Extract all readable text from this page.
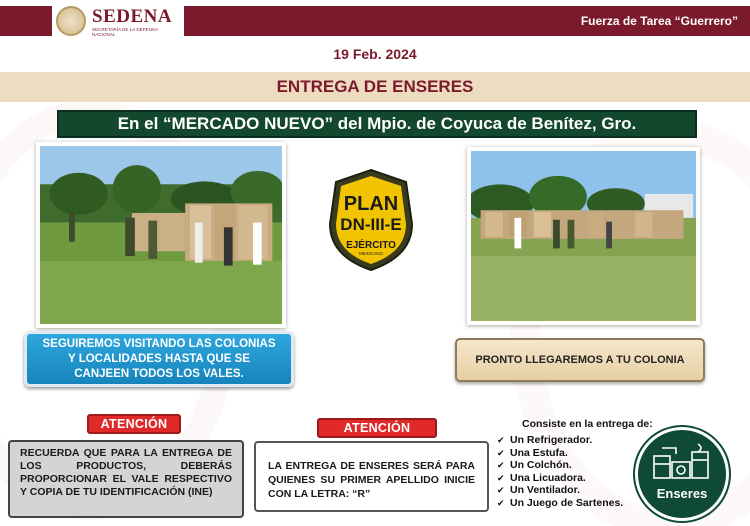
SEDENA
SECRETARÍA DE LA DEFENSA NACIONAL
Fuerza de Tarea “Guerrero”
19 Feb. 2024
ENTREGA DE ENSERES
En el “MERCADO NUEVO” del Mpio. de Coyuca de Benítez, Gro.
PLAN
DN-III-E
EJÉRCITO
MEXICANO
SEGUIREMOS VISITANDO LAS COLONIAS Y LOCALIDADES HASTA QUE SE CANJEEN TODOS LOS VALES.
PRONTO LLEGAREMOS A TU COLONIA
ATENCIÓN
RECUERDA QUE PARA LA ENTREGA DE LOS PRODUCTOS, DEBERÁS PROPORCIONAR EL VALE RESPECTIVO Y COPIA DE TU IDENTIFICACIÓN (INE)
ATENCIÓN
LA ENTREGA DE ENSERES SERÁ PARA QUIENES SU PRIMER APELLIDO INICIE CON LA LETRA: “R”
Consiste en la entrega de:
✔ Un Refrigerador.
✔ Una Estufa.
✔ Un Colchón.
✔ Una Licuadora.
✔ Un Ventilador.
✔ Un Juego de Sartenes.
Enseres
